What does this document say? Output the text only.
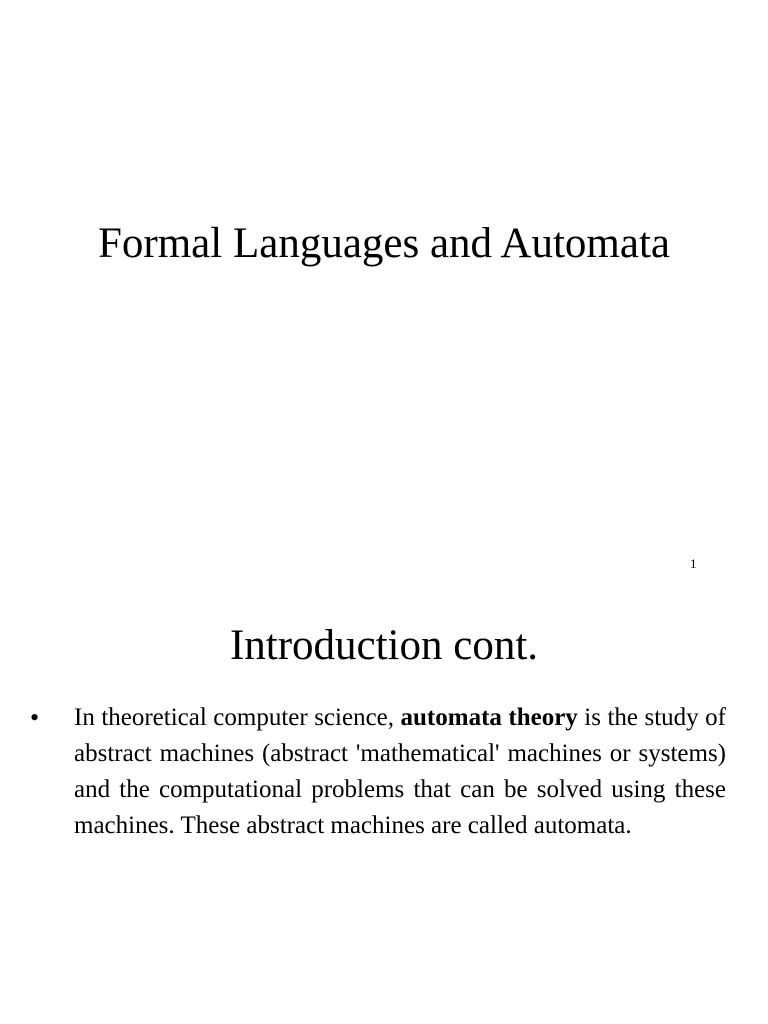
Formal Languages and Automata
1
Introduction cont.
• In theoretical computer science, automata theory is the study of abstract machines (abstract 'mathematical' machines or systems) and the computational problems that can be solved using these machines. These abstract machines are called automata.
